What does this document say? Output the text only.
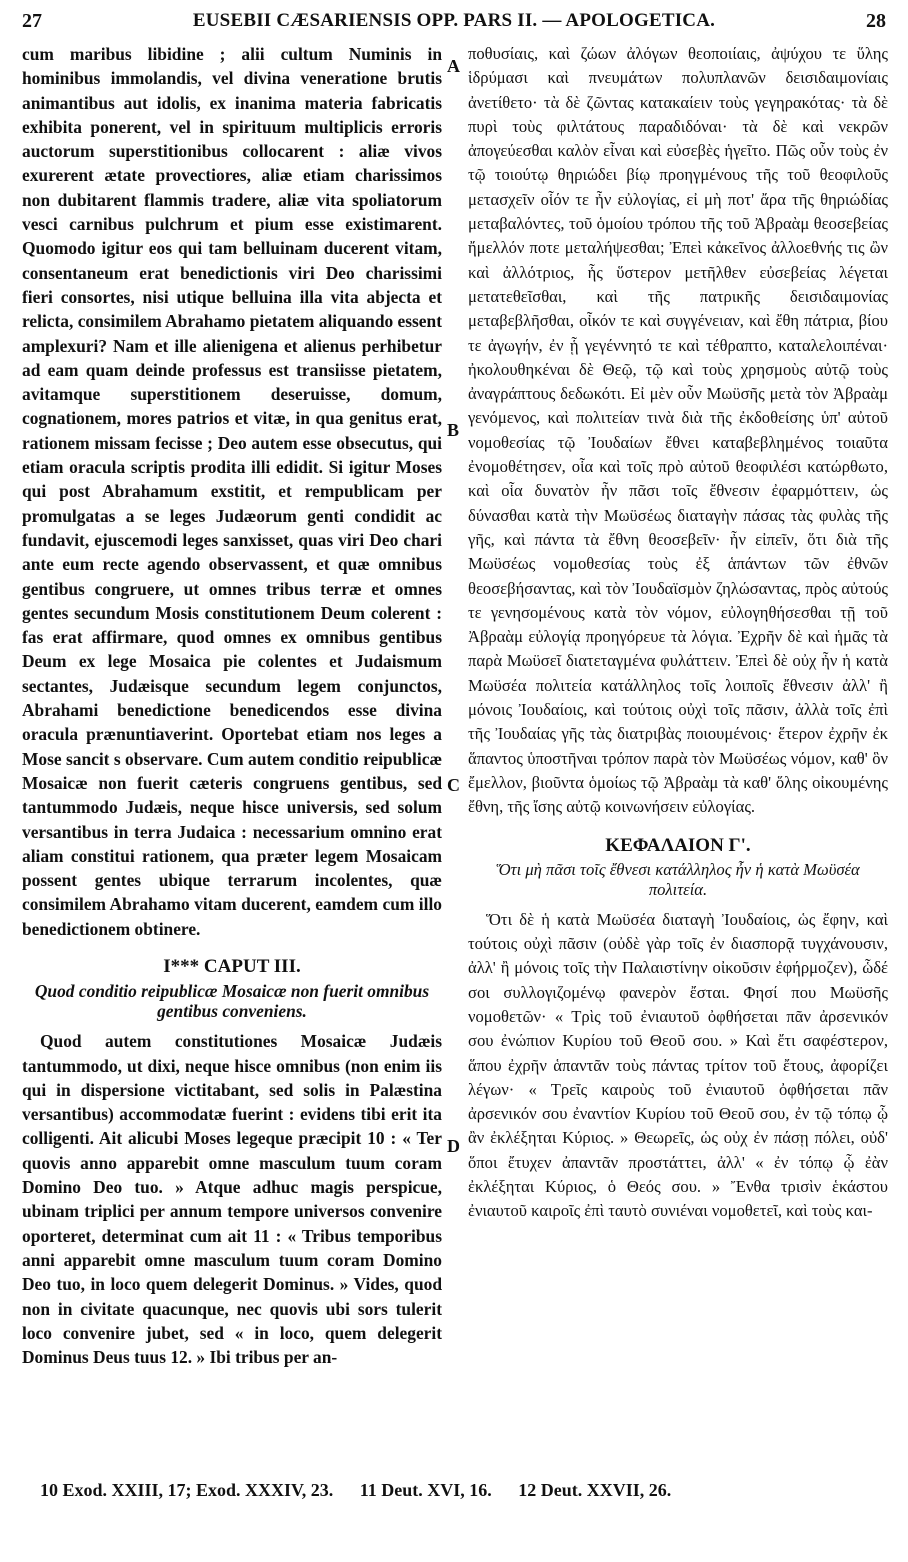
27	EUSEBII CÆSARIENSIS OPP. PARS II. — APOLOGETICA.	28
A
B
C
D

cum maribus libidine ; alii cultum Numinis in hominibus immolandis, vel divina veneratione brutis animantibus aut idolis, ex inanima materia fabricatis exhibita ponerent, vel in spirituum multiplicis erroris auctorum superstitionibus collocarent : aliæ vivos exurerent ætate provectiores, aliæ etiam charissimos non dubitarent flammis tradere, aliæ vita spoliatorum vesci carnibus pulchrum et pium esse existimarent. Quomodo igitur eos qui tam belluinam ducerent vitam, consentaneum erat benedictionis viri Deo charissimi fieri consortes, nisi utique belluina illa vita abjecta et relicta, consimilem Abrahamo pietatem aliquando essent amplexuri? Nam et ille alienigena et alienus perhibetur ad eam quam deinde professus est transiisse pietatem, avitamque superstitionem deseruisse, domum, cognationem, mores patrios et vitæ, in qua genitus erat, rationem missam fecisse ; Deo autem esse obsecutus, qui etiam oracula scriptis prodita illi edidit. Si igitur Moses qui post Abrahamum exstitit, et rempublicam per promulgatas a se leges Judæorum genti condidit ac fundavit, ejuscemodi leges sanxisset, quas viri Deo chari ante eum recte agendo observassent, et quæ omnibus gentibus congruere, ut omnes tribus terræ et omnes gentes secundum Mosis constitutionem Deum colerent : fas erat affirmare, quod omnes ex omnibus gentibus Deum ex lege Mosaica pie colentes et Judaismum sectantes, Judæisque secundum legem conjunctos, Abrahami benedictione benedicendos esse divina oracula prænuntiaverint. Oportebat etiam nos leges a Mose sancit s observare. Cum autem conditio reipublicæ Mosaicæ non fuerit cæteris congruens gentibus, sed tantummodo Judæis, neque hisce universis, sed solum versantibus in terra Judaica : necessarium omnino erat aliam constitui rationem, qua præter legem Mosaicam possent gentes ubique terrarum incolentes, quæ consimilem Abrahamo vitam ducerent, eamdem cum illo benedictionem obtinere.

I*** CAPUT III.
Quod conditio reipublicæ Mosaicæ non fuerit omnibus gentibus conveniens.

Quod autem constitutiones Mosaicæ Judæis tantummodo, ut dixi, neque hisce omnibus (non enim iis qui in dispersione victitabant, sed solis in Palæstina versantibus) accommodatæ fuerint : evidens tibi erit ita colligenti. Ait alicubi Moses legeque præcipit 10 : « Ter quovis anno apparebit omne masculum tuum coram Domino Deo tuo. » Atque adhuc magis perspicue, ubinam triplici per annum tempore universos convenire oporteret, determinat cum ait 11 : « Tribus temporibus anni apparebit omne masculum tuum coram Domino Deo tuo, in loco quem delegerit Dominus. » Vides, quod non in civitate quacunque, nec quovis ubi sors tulerit loco convenire jubet, sed « in loco, quem delegerit Dominus Deus tuus 12. » Ibi tribus per an-

ποθυσίαις, καὶ ζώων ἀλόγων θεοποιίαις, ἀψύχου τε ὕλης ἱδρύμασι καὶ πνευμάτων πολυπλανῶν δεισιδαιμονίαις ἀνετίθετο· τὰ δὲ ζῶντας κατακαίειν τοὺς γεγηρακότας· τὰ δὲ πυρὶ τοὺς φιλτάτους παραδιδόναι· τὰ δὲ καὶ νεκρῶν ἀπογεύεσθαι καλὸν εἶναι καὶ εὐσεβὲς ἡγεῖτο. Πῶς οὖν τοὺς ἐν τῷ τοιούτῳ θηριώδει βίῳ προηγμένους τῆς τοῦ θεοφιλοῦς μετασχεῖν οἷόν τε ἦν εὐλογίας, εἰ μὴ ποτ' ἄρα τῆς θηριώδίας μεταβαλόντες, τοῦ ὁμοίου τρόπου τῆς τοῦ Ἀβραὰμ θεοσεβείας ἤμελλόν ποτε μεταλήψεσθαι; Ἐπεὶ κἀκεῖνος ἀλλοεθνής τις ὢν καὶ ἀλλότριος, ἧς ὕστερον μετῆλθεν εὐσεβείας λέγεται μετατεθεῖσθαι, καὶ τῆς πατρικῆς δεισιδαιμονίας μεταβεβλῆσθαι, οἶκόν τε καὶ συγγένειαν, καὶ ἔθη πάτρια, βίου τε ἀγωγήν, ἐν ᾗ γεγέννητό τε καὶ τέθραπτο, καταλελοιπέναι· ἠκολουθηκέναι δὲ Θεῷ, τῷ καὶ τοὺς χρησμοὺς αὐτῷ τοὺς ἀναγράπτους δεδωκότι. Εἰ μὲν οὖν Μωϋσῆς μετὰ τὸν Ἀβραὰμ γενόμενος, καὶ πολιτείαν τινὰ διὰ τῆς ἐκδοθείσης ὑπ' αὐτοῦ νομοθεσίας τῷ Ἰουδαίων ἔθνει καταβεβλημένος τοιαῦτα ἐνομοθέτησεν, οἷα καὶ τοῖς πρὸ αὐτοῦ θεοφιλέσι κατώρθωτο, καὶ οἷα δυνατὸν ἦν πᾶσι τοῖς ἔθνεσιν ἐφαρμόττειν, ὡς δύνασθαι κατὰ τὴν Μωϋσέως διαταγὴν πάσας τὰς φυλὰς τῆς γῆς, καὶ πάντα τὰ ἔθνη θεοσεβεῖν· ἦν εἰπεῖν, ὅτι διὰ τῆς Μωϋσέως νομοθεσίας τοὺς ἐξ ἁπάντων τῶν ἐθνῶν θεοσεβήσαντας, καὶ τὸν Ἰουδαϊσμὸν ζηλώσαντας, πρὸς αὐτούς τε γενησομένους κατὰ τὸν νόμον, εὐλογηθήσεσθαι τῇ τοῦ Ἀβραὰμ εὐλογίᾳ προηγόρευε τὰ λόγια. Ἐχρῆν δὲ καὶ ἡμᾶς τὰ παρὰ Μωϋσεῖ διατεταγμένα φυλάττειν. Ἐπεὶ δὲ οὐχ ἦν ἡ κατὰ Μωϋσέα πολιτεία κατάλληλος τοῖς λοιποῖς ἔθνεσιν ἀλλ' ἢ μόνοις Ἰουδαίοις, καὶ τούτοις οὐχὶ τοῖς πᾶσιν, ἀλλὰ τοῖς ἐπὶ τῆς Ἰουδαίας γῆς τὰς διατριβὰς ποιουμένοις· ἕτερον ἐχρῆν ἐκ ἅπαντος ὑποστῆναι τρόπον παρὰ τὸν Μωϋσέως νόμον, καθ' ὃν ἔμελλον, βιοῦντα ὁμοίως τῷ Ἀβραὰμ τὰ καθ' ὅλης οἰκουμένης ἔθνη, τῆς ἴσης αὐτῷ κοινωνήσειν εὐλογίας.

ΚΕΦΑΛΑΙΟΝ Γ'.
Ὅτι μὴ πᾶσι τοῖς ἔθνεσι κατάλληλος ἦν ἡ κατὰ Μωϋσέα πολιτεία.

Ὅτι δὲ ἡ κατὰ Μωϋσέα διαταγὴ Ἰουδαίοις, ὡς ἔφην, καὶ τούτοις οὐχὶ πᾶσιν (οὐδὲ γὰρ τοῖς ἐν διασπορᾷ τυγχάνουσιν, ἀλλ' ἢ μόνοις τοῖς τὴν Παλαιστίνην οἰκοῦσιν ἐφήρμοζεν), ὧδέ σοι συλλογιζομένῳ φανερὸν ἔσται. Φησί που Μωϋσῆς νομοθετῶν· « Τρὶς τοῦ ἐνιαυτοῦ ὀφθήσεται πᾶν ἀρσενικόν σου ἐνώπιον Κυρίου τοῦ Θεοῦ σου. » Καὶ ἔτι σαφέστερον, ἅπου ἐχρῆν ἁπαντᾶν τοὺς πάντας τρίτον τοῦ ἔτους, ἀφορίζει λέγων· « Τρεῖς καιροὺς τοῦ ἐνιαυτοῦ ὀφθήσεται πᾶν ἀρσενικόν σου ἐναντίον Κυρίου τοῦ Θεοῦ σου, ἐν τῷ τόπῳ ᾧ ἂν ἐκλέξηται Κύριος. » Θεωρεῖς, ὡς οὐχ ἐν πάσῃ πόλει, οὐδ' ὅποι ἔτυχεν ἀπαντᾶν προστάττει, ἀλλ' « ἐν τόπῳ ᾧ ἐὰν ἐκλέξηται Κύριος, ὁ Θεός σου. » Ἔνθα τρισὶν ἑκάστου ἐνιαυτοῦ καιροῖς ἐπὶ ταυτὸ συνιέναι νομοθετεῖ, καὶ τοὺς και-

10 Exod. XXIII, 17; Exod. XXXIV, 23. 11 Deut. XVI, 16. 12 Deut. XXVII, 26.
